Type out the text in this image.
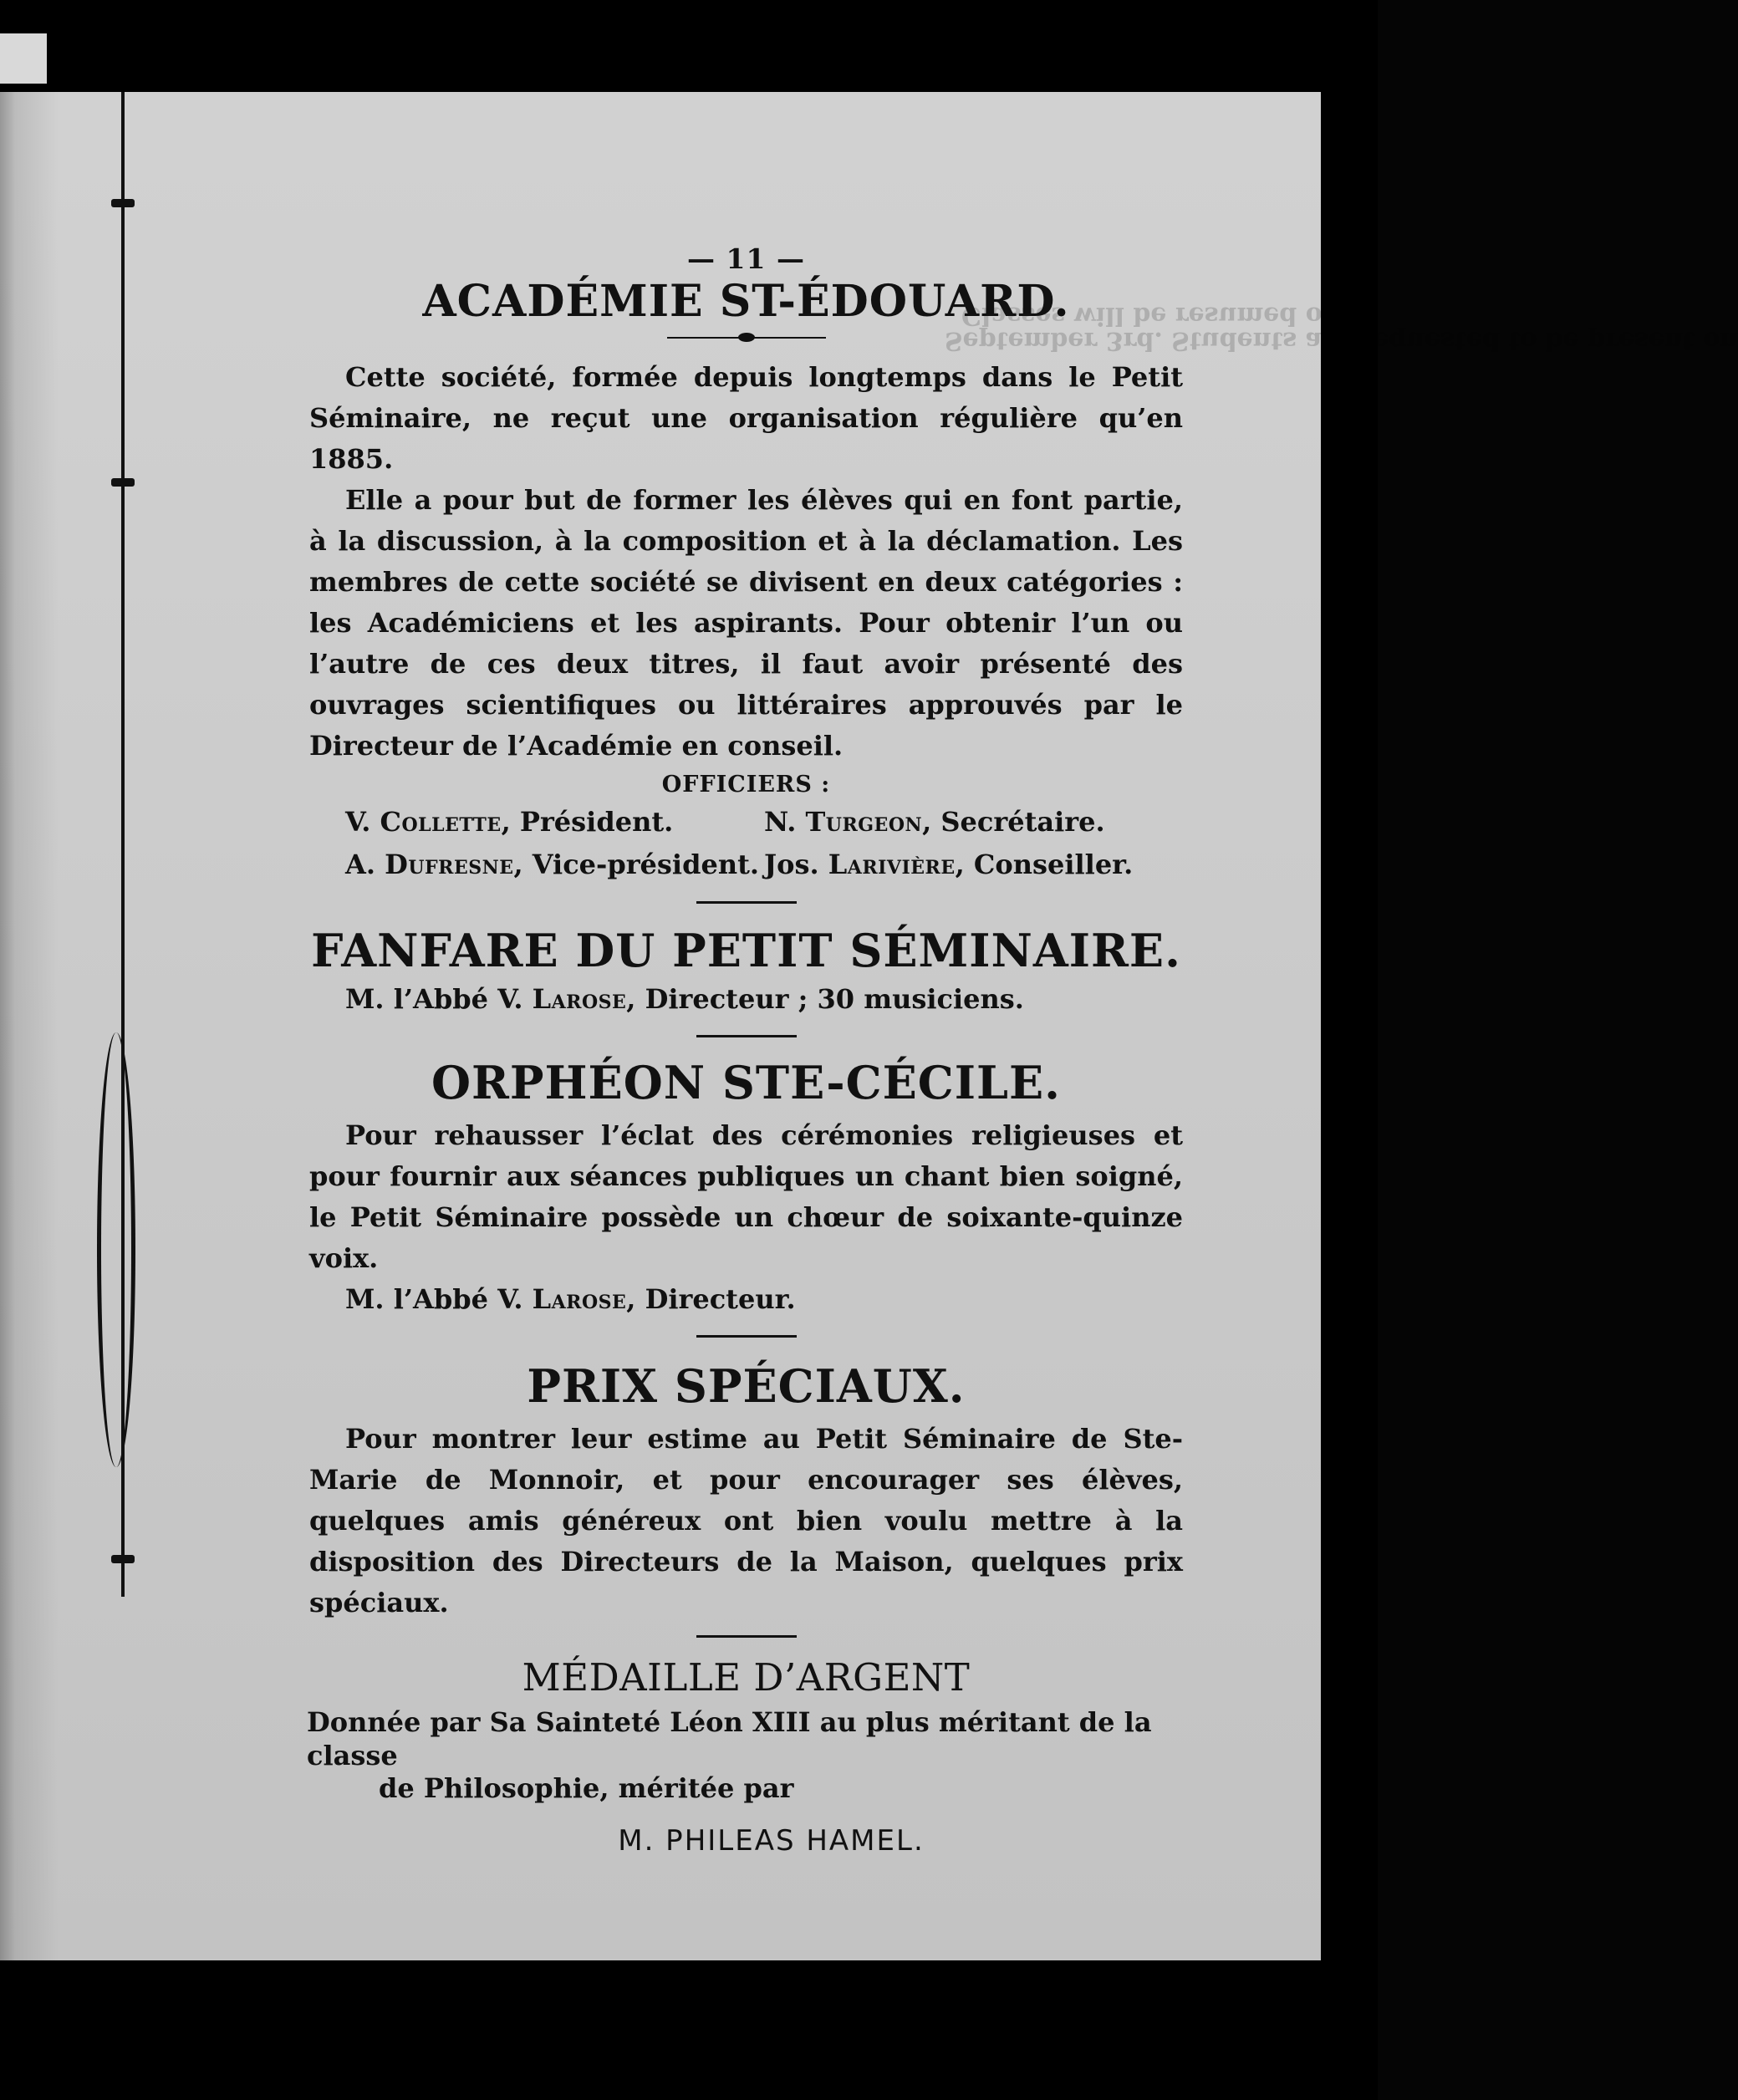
September 3rd. Students are requested to be present on
Classes will be resumed on
— 11 —
ACADÉMIE ST-ÉDOUARD.

Cette société, formée depuis longtemps dans le Petit Séminaire, ne reçut une organisation régulière qu’en 1885.

Elle a pour but de former les élèves qui en font partie, à la discussion, à la composition et à la déclamation. Les membres de cette société se divisent en deux catégories : les Académiciens et les aspirants. Pour obtenir l’un ou l’autre de ces deux titres, il faut avoir présenté des ouvrages scientifiques ou littéraires approuvés par le Directeur de l’Académie en conseil.

OFFICIERS :
V. Collette, Président.	N. Turgeon, Secrétaire.
A. Dufresne, Vice-président. Jos. Larivière, Conseiller.
FANFARE DU PETIT SÉMINAIRE.

M. l’Abbé V. Larose, Directeur ; 30 musiciens.

ORPHÉON STE-CÉCILE.

Pour rehausser l’éclat des cérémonies religieuses et pour fournir aux séances publiques un chant bien soigné, le Petit Séminaire possède un chœur de soixante-quinze voix.

M. l’Abbé V. Larose, Directeur.

PRIX SPÉCIAUX.

Pour montrer leur estime au Petit Séminaire de Ste-Marie de Monnoir, et pour encourager ses élèves, quelques amis généreux ont bien voulu mettre à la disposition des Directeurs de la Maison, quelques prix spéciaux.

MÉDAILLE D’ARGENT
Donnée par Sa Sainteté Léon XIII au plus méritant de la classe
de Philosophie, méritée par
M. PHILEAS HAMEL.
